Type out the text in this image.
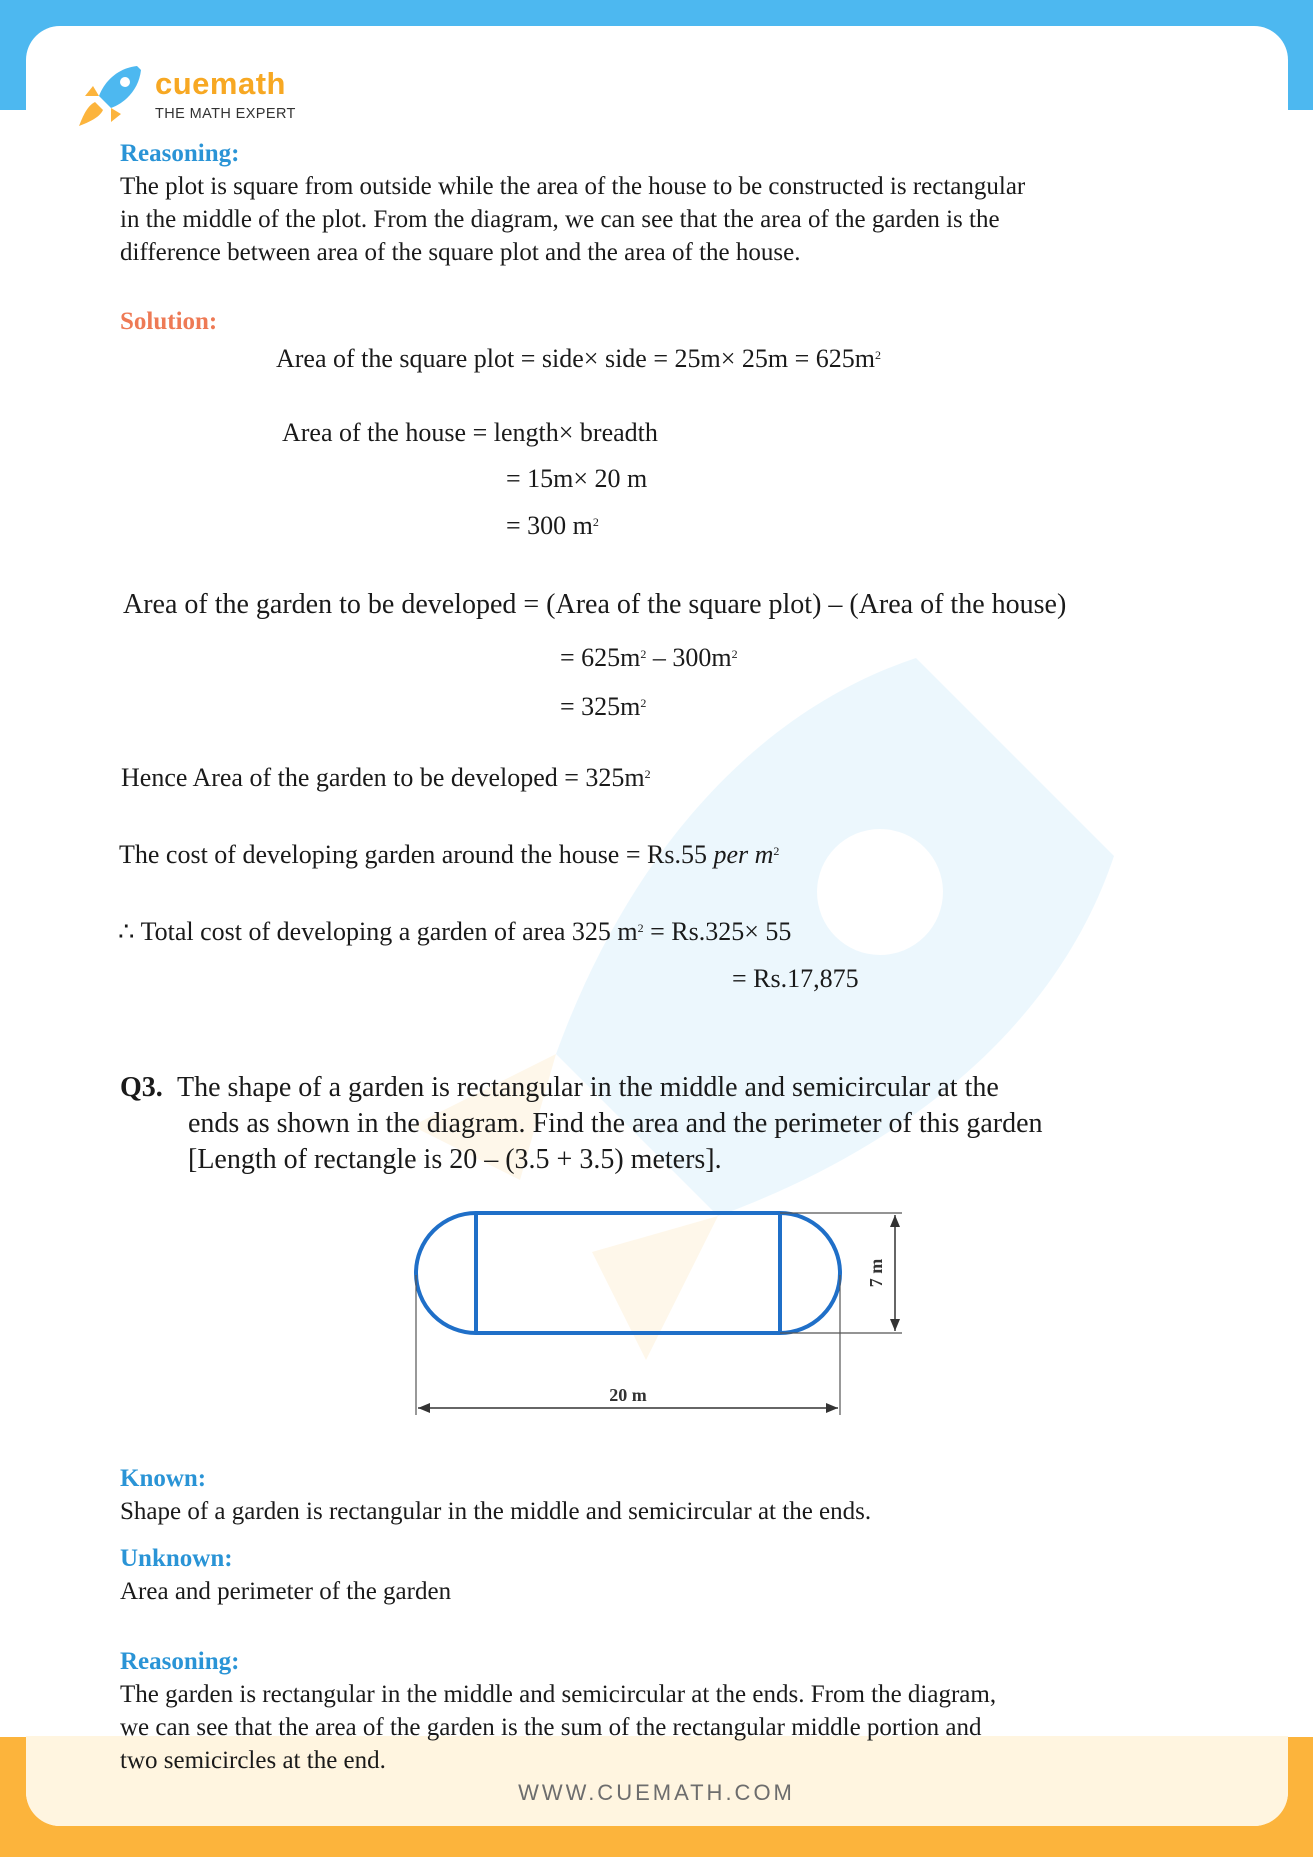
cuemath
THE MATH EXPERT
Reasoning:
The plot is square from outside while the area of the house to be constructed is rectangular
in the middle of the plot. From the diagram, we can see that the area of the garden is the
difference between area of the square plot and the area of the house.
Solution:
Area of the square plot = side× side = $25m\times 25m = 625m^2$
Area of the house = length× breadth
= 15m× 20 m
= 300 $m^2$
Area of the garden to be developed = (Area of the square plot) – (Area of the house)
= $625m^2 - 300m^2$
= $325m^2$
Hence Area of the garden to be developed = $325m^2$
The cost of developing garden around the house = Rs.55 per $m^2$
∴ Total cost of developing a garden of area 325 $m^2 = Rs.325\times 55$
= Rs.17,875
Q3. The shape of a garden is rectangular in the middle and semicircular at the
ends as shown in the diagram. Find the area and the perimeter of this garden
[Length of rectangle is 20 – (3.5 + 3.5) meters].
20 m
7 m
Known:
Shape of a garden is rectangular in the middle and semicircular at the ends.
Unknown:
Area and perimeter of the garden
Reasoning:
The garden is rectangular in the middle and semicircular at the ends. From the diagram,
we can see that the area of the garden is the sum of the rectangular middle portion and
two semicircles at the end.
WWW.CUEMATH.COM
